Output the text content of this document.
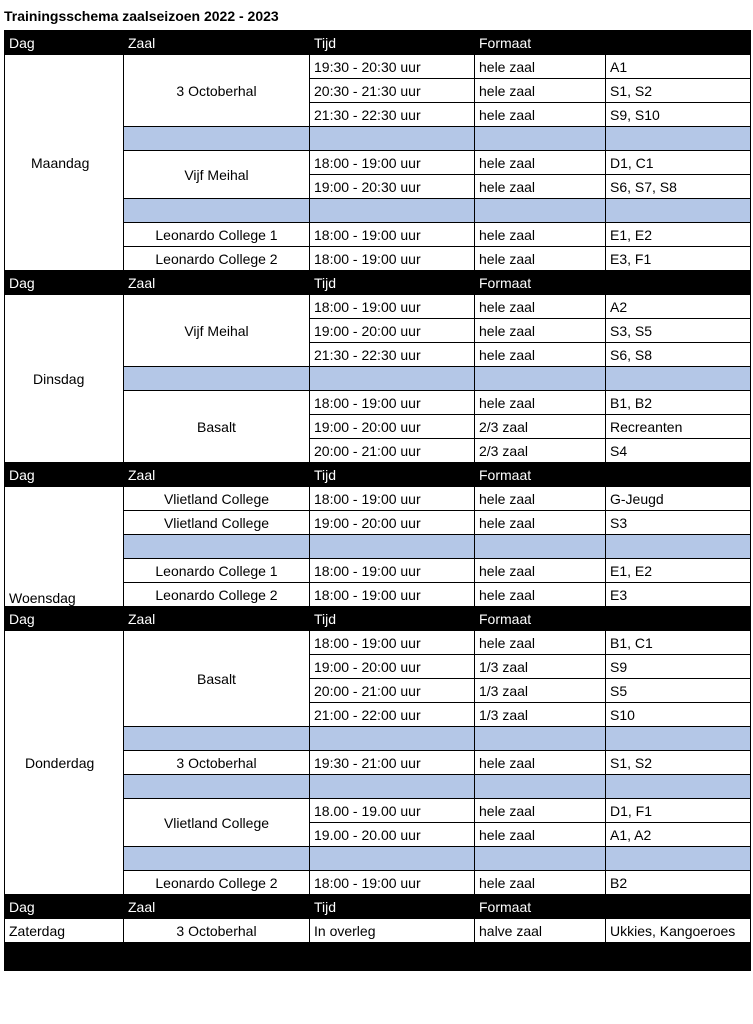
Trainingsschema zaalseizoen 2022 - 2023
Dag	Zaal	Tijd	Formaat	
Maandag	3 Octoberhal	19:30 - 20:30 uur	hele zaal	A1
		20:30 - 21:30 uur	hele zaal	S1, S2
		21:30 - 22:30 uur	hele zaal	S9, S10

	Vijf Meihal	18:00 - 19:00 uur	hele zaal	D1, C1
		19:00 - 20:30 uur	hele zaal	S6, S7, S8

	Leonardo College 1	18:00 - 19:00 uur	hele zaal	E1, E2
	Leonardo College 2	18:00 - 19:00 uur	hele zaal	E3, F1
Dag	Zaal	Tijd	Formaat	
Dinsdag	Vijf Meihal	18:00 - 19:00 uur	hele zaal	A2
		19:00 - 20:00 uur	hele zaal	S3, S5
		21:30 - 22:30 uur	hele zaal	S6, S8

	Basalt	18:00 - 19:00 uur	hele zaal	B1, B2
		19:00 - 20:00 uur	2/3 zaal	Recreanten
		20:00 - 21:00 uur	2/3 zaal	S4
Dag	Zaal	Tijd	Formaat	
Woensdag	Vlietland College	18:00 - 19:00 uur	hele zaal	G-Jeugd
	Vlietland College	19:00 - 20:00 uur	hele zaal	S3

	Leonardo College 1	18:00 - 19:00 uur	hele zaal	E1, E2
	Leonardo College 2	18:00 - 19:00 uur	hele zaal	E3
Dag	Zaal	Tijd	Formaat	
Donderdag	Basalt	18:00 - 19:00 uur	hele zaal	B1, C1
		19:00 - 20:00 uur	1/3 zaal	S9
		20:00 - 21:00 uur	1/3 zaal	S5
		21:00 - 22:00 uur	1/3 zaal	S10

	3 Octoberhal	19:30 - 21:00 uur	hele zaal	S1, S2

	Vlietland College	18.00 - 19.00 uur	hele zaal	D1, F1
		19.00 - 20.00 uur	hele zaal	A1, A2

	Leonardo College 2	18:00 - 19:00 uur	hele zaal	B2
Dag	Zaal	Tijd	Formaat	
Zaterdag	3 Octoberhal	In overleg	halve zaal	Ukkies, Kangoeroes
